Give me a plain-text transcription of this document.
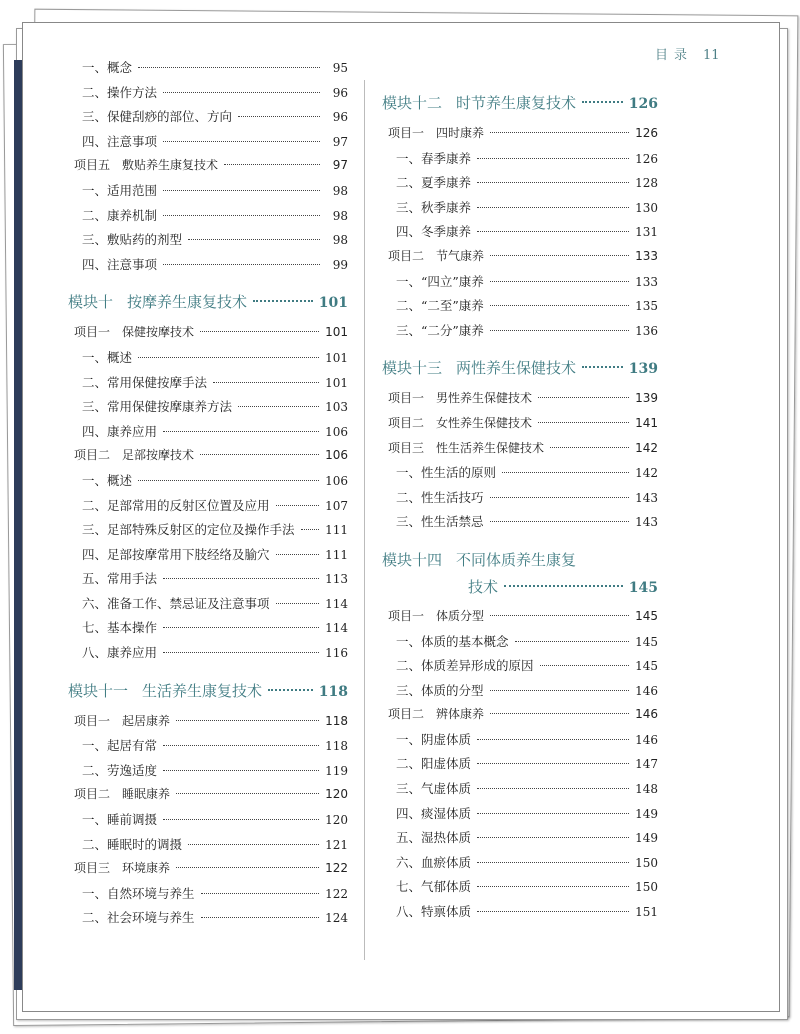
目录 11
一、概念	95
二、操作方法	96
三、保健刮痧的部位、方向	96
四、注意事项	97
项目五　敷贴养生康复技术	97
一、适用范围	98
二、康养机制	98
三、敷贴药的剂型	98
四、注意事项	99
模块十 按摩养生康复技术	101
项目一　保健按摩技术	101
一、概述	101
二、常用保健按摩手法	101
三、常用保健按摩康养方法	103
四、康养应用	106
项目二　足部按摩技术	106
一、概述	106
二、足部常用的反射区位置及应用	107
三、足部特殊反射区的定位及操作手法	111
四、足部按摩常用下肢经络及腧穴	111
五、常用手法	113
六、准备工作、禁忌证及注意事项	114
七、基本操作	114
八、康养应用	116
模块十一 生活养生康复技术	118
项目一　起居康养	118
一、起居有常	118
二、劳逸适度	119
项目二　睡眠康养	120
一、睡前调摄	120
二、睡眠时的调摄	121
项目三　环境康养	122
一、自然环境与养生	122
二、社会环境与养生	124
模块十二 时节养生康复技术	126
项目一　四时康养	126
一、春季康养	126
二、夏季康养	128
三、秋季康养	130
四、冬季康养	131
项目二　节气康养	133
一、“四立”康养	133
二、“二至”康养	135
三、“二分”康养	136
模块十三 两性养生保健技术	139
项目一　男性养生保健技术	139
项目二　女性养生保健技术	141
项目三　性生活养生保健技术	142
一、性生活的原则	142
二、性生活技巧	143
三、性生活禁忌	143
模块十四 不同体质养生康复
技术	145
项目一　体质分型	145
一、体质的基本概念	145
二、体质差异形成的原因	145
三、体质的分型	146
项目二　辨体康养	146
一、阴虚体质	146
二、阳虚体质	147
三、气虚体质	148
四、痰湿体质	149
五、湿热体质	149
六、血瘀体质	150
七、气郁体质	150
八、特禀体质	151
